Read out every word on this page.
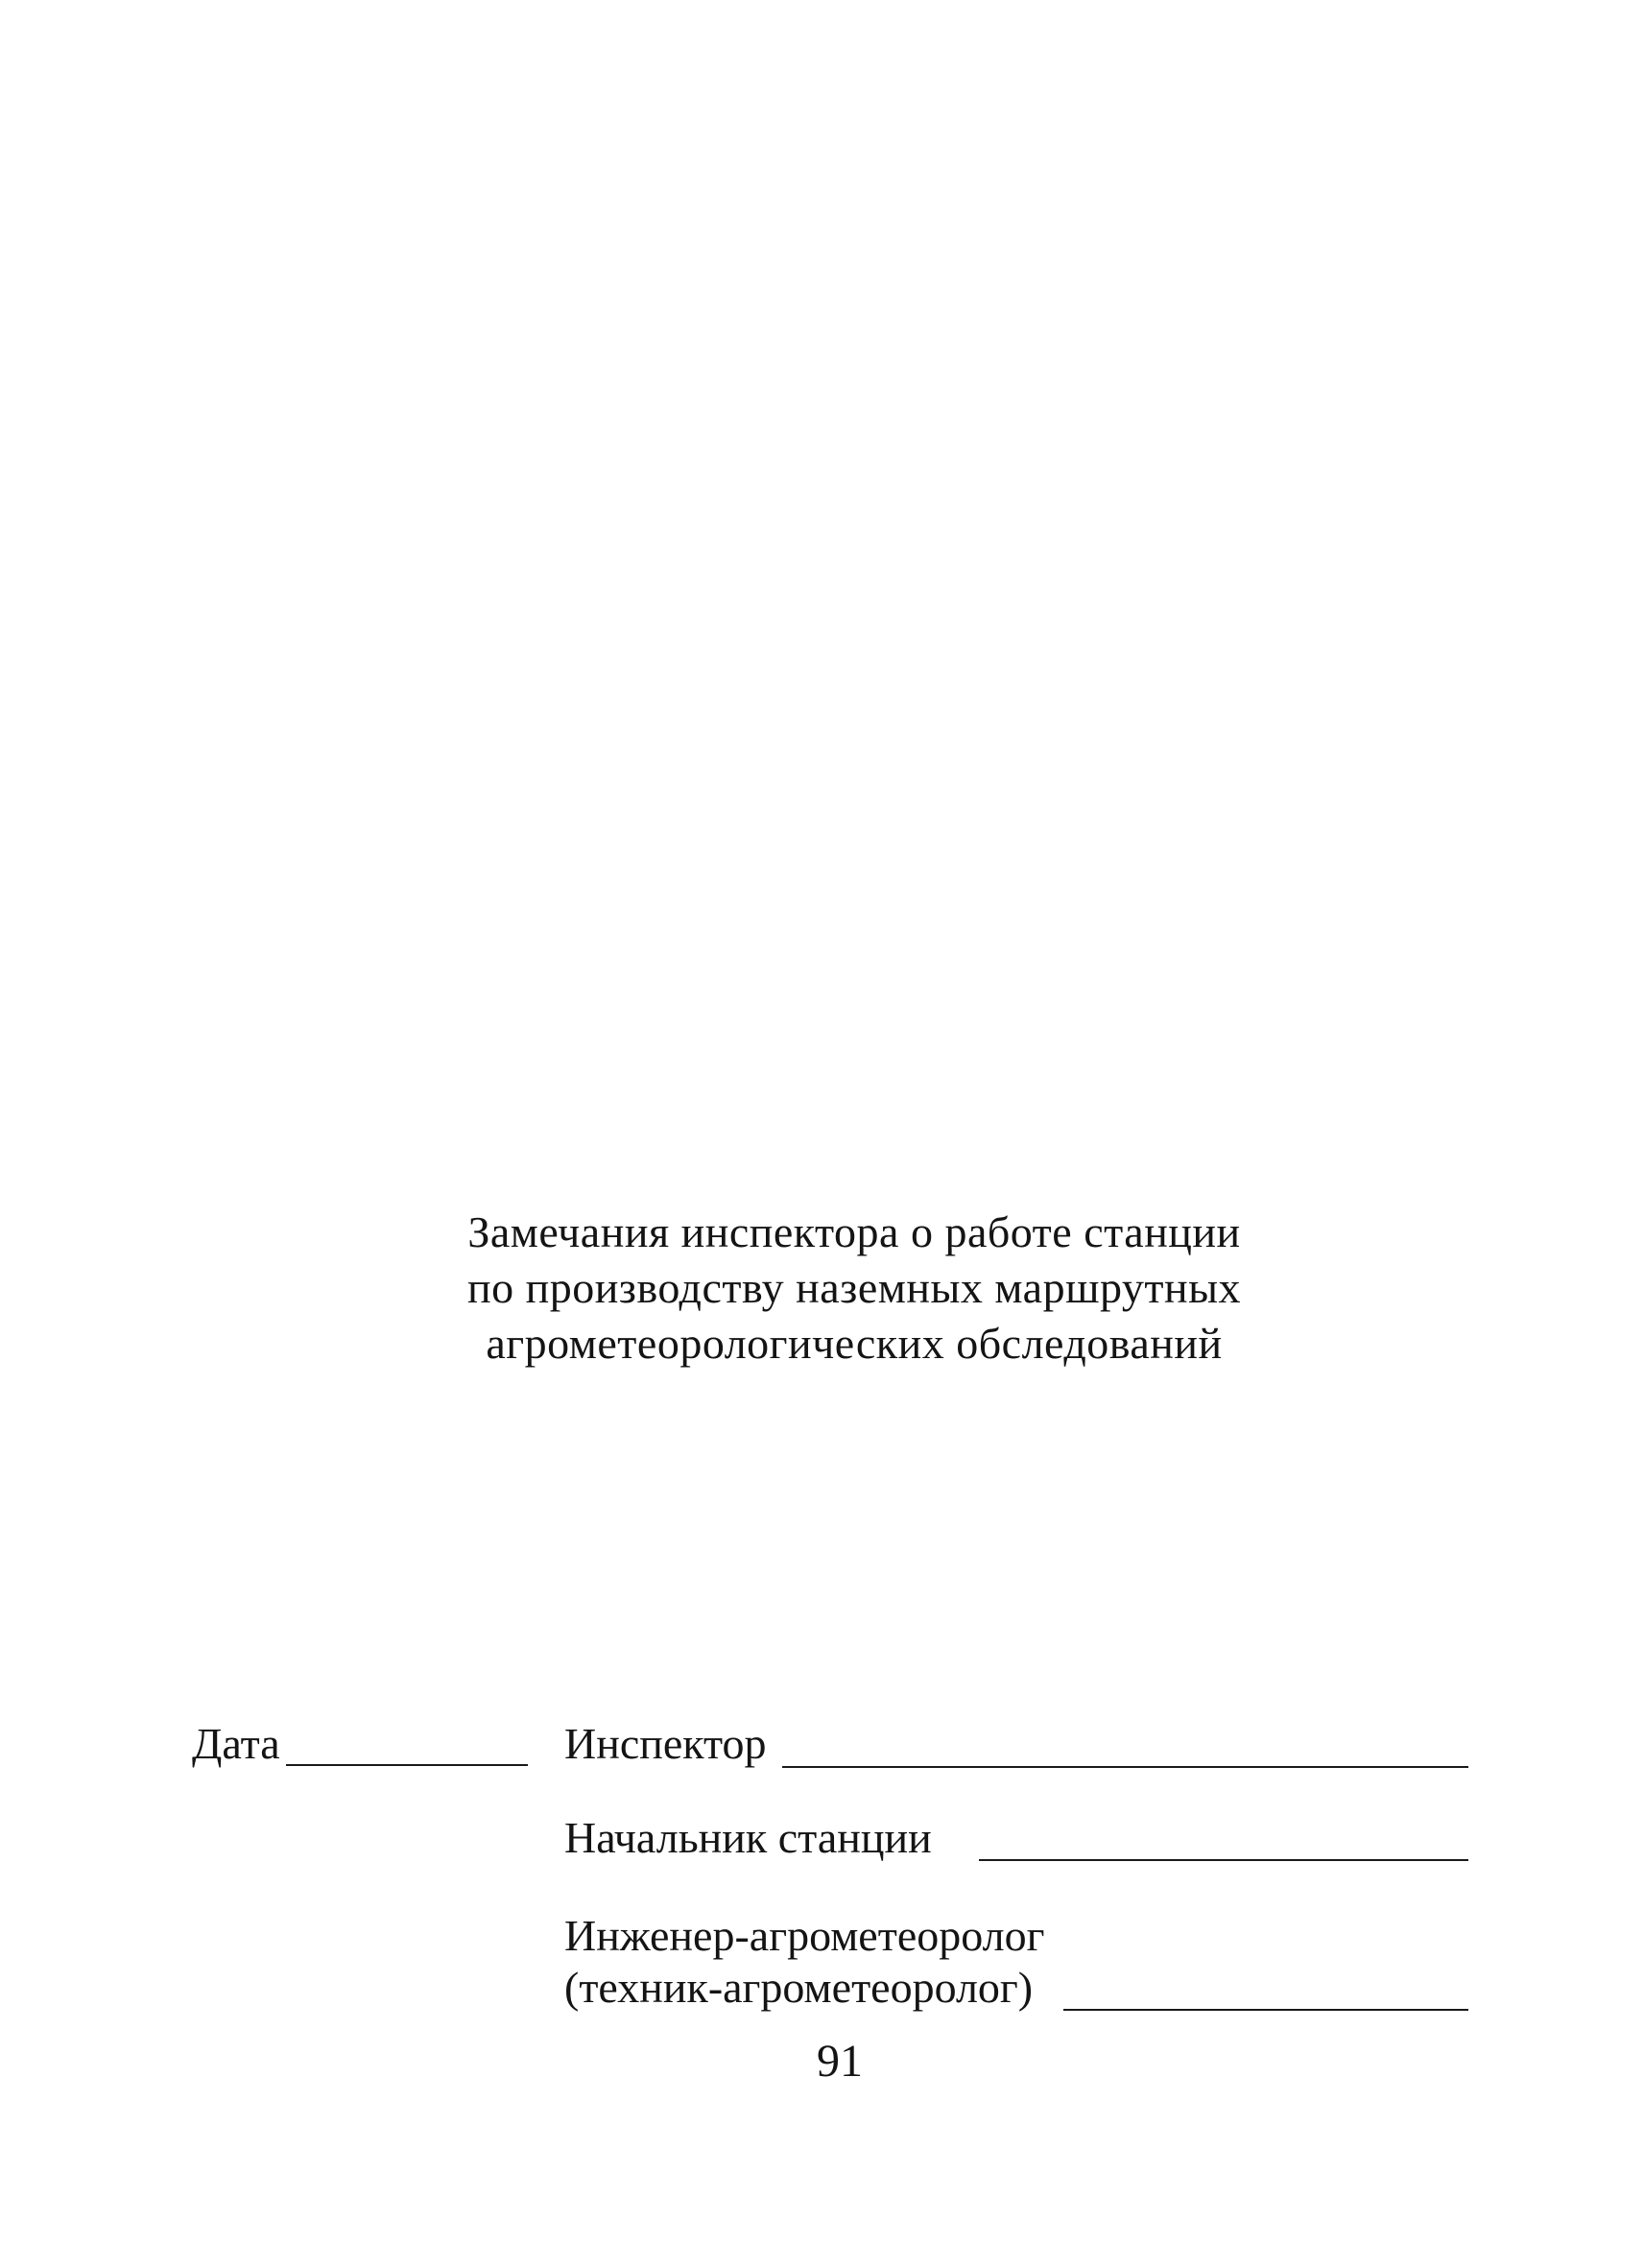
Замечания инспектора о работе станции
по производству наземных маршрутных
агрометеорологических обследований
Дата	Инспектор
Начальник станции
Инженер-агрометеоролог
(техник-агрометеоролог)
91
